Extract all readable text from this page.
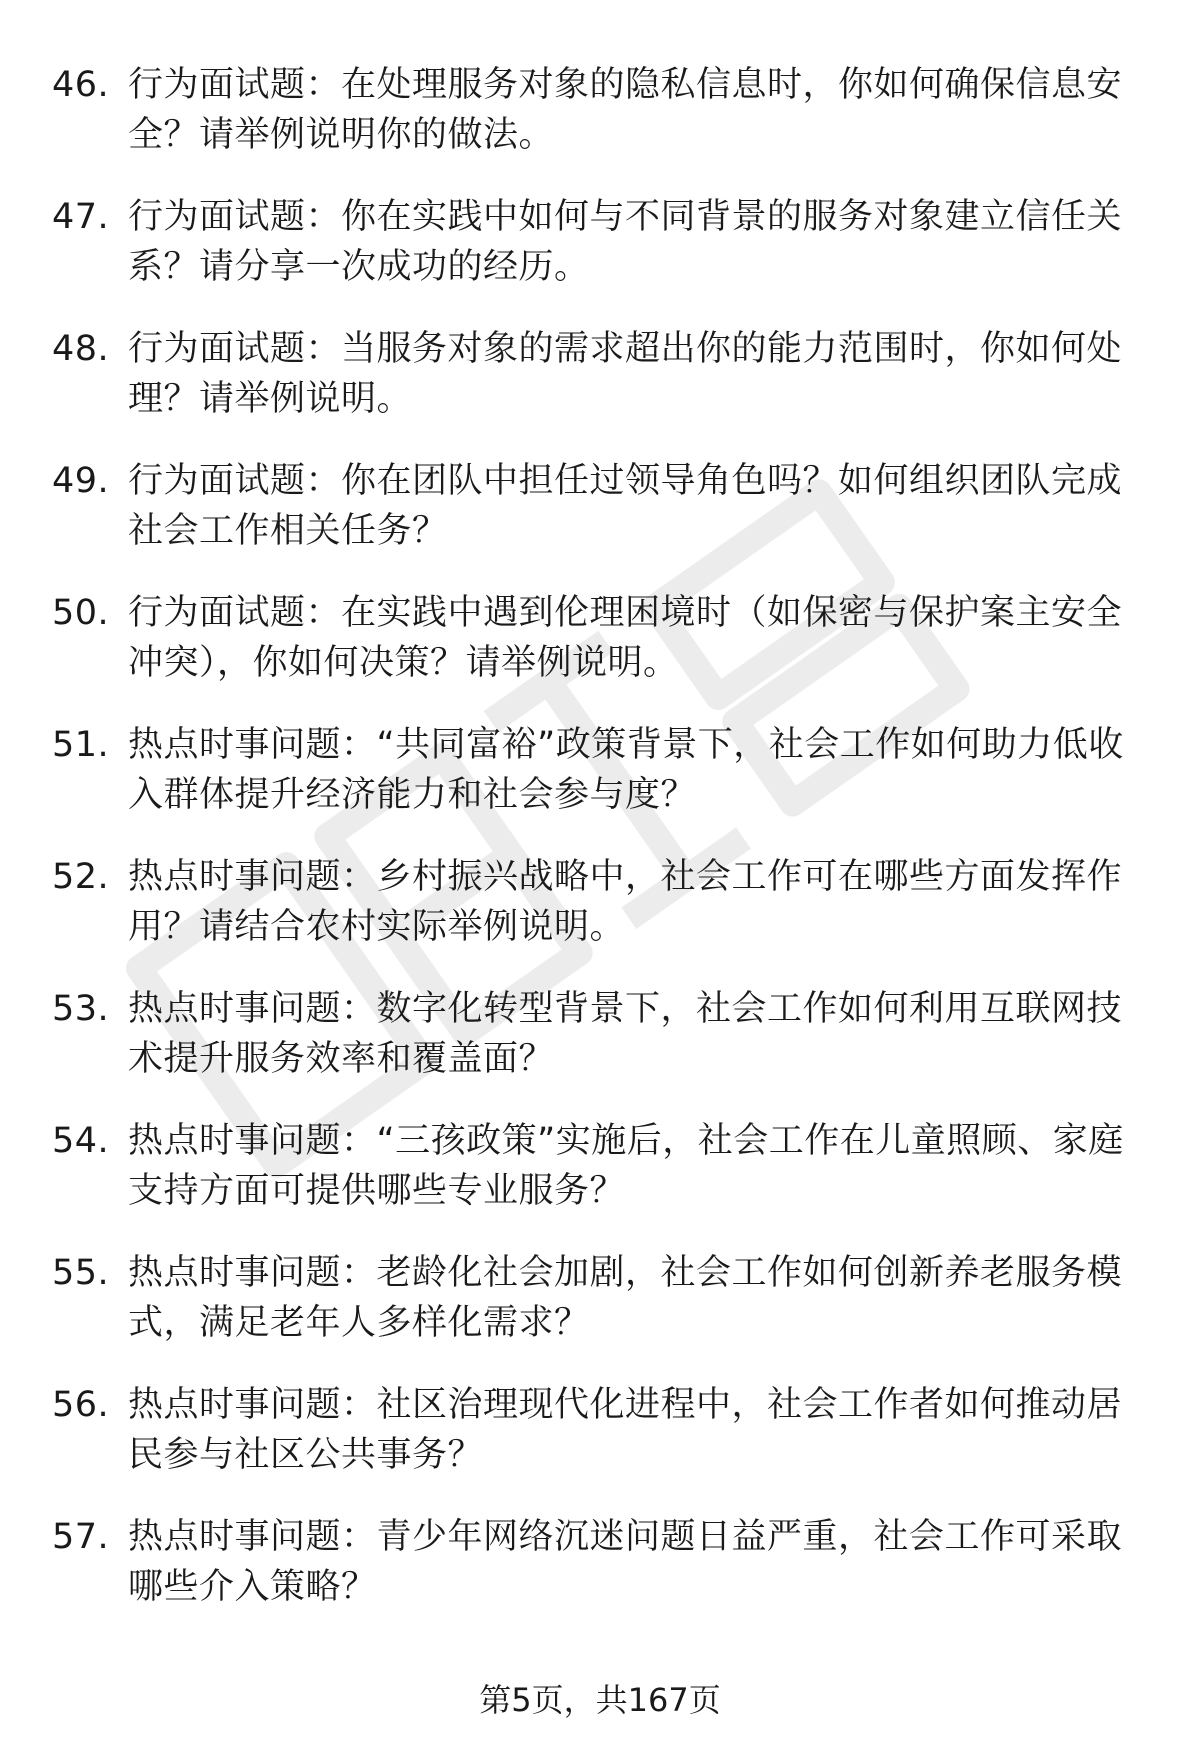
46. 行为面试题：在处理服务对象的隐私信息时，你如何确保信息安全？请举例说明你的做法。
47. 行为面试题：你在实践中如何与不同背景的服务对象建立信任关系？请分享一次成功的经历。
48. 行为面试题：当服务对象的需求超出你的能力范围时，你如何处理？请举例说明。
49. 行为面试题：你在团队中担任过领导角色吗？如何组织团队完成社会工作相关任务？
50. 行为面试题：在实践中遇到伦理困境时（如保密与保护案主安全冲突），你如何决策？请举例说明。
51. 热点时事问题：“共同富裕”政策背景下，社会工作如何助力低收入群体提升经济能力和社会参与度？
52. 热点时事问题：乡村振兴战略中，社会工作可在哪些方面发挥作用？请结合农村实际举例说明。
53. 热点时事问题：数字化转型背景下，社会工作如何利用互联网技术提升服务效率和覆盖面？
54. 热点时事问题：“三孩政策”实施后，社会工作在儿童照顾、家庭支持方面可提供哪些专业服务？
55. 热点时事问题：老龄化社会加剧，社会工作如何创新养老服务模式，满足老年人多样化需求？
56. 热点时事问题：社区治理现代化进程中，社会工作者如何推动居民参与社区公共事务？
57. 热点时事问题：青少年网络沉迷问题日益严重，社会工作可采取哪些介入策略？
第5页，共167页
